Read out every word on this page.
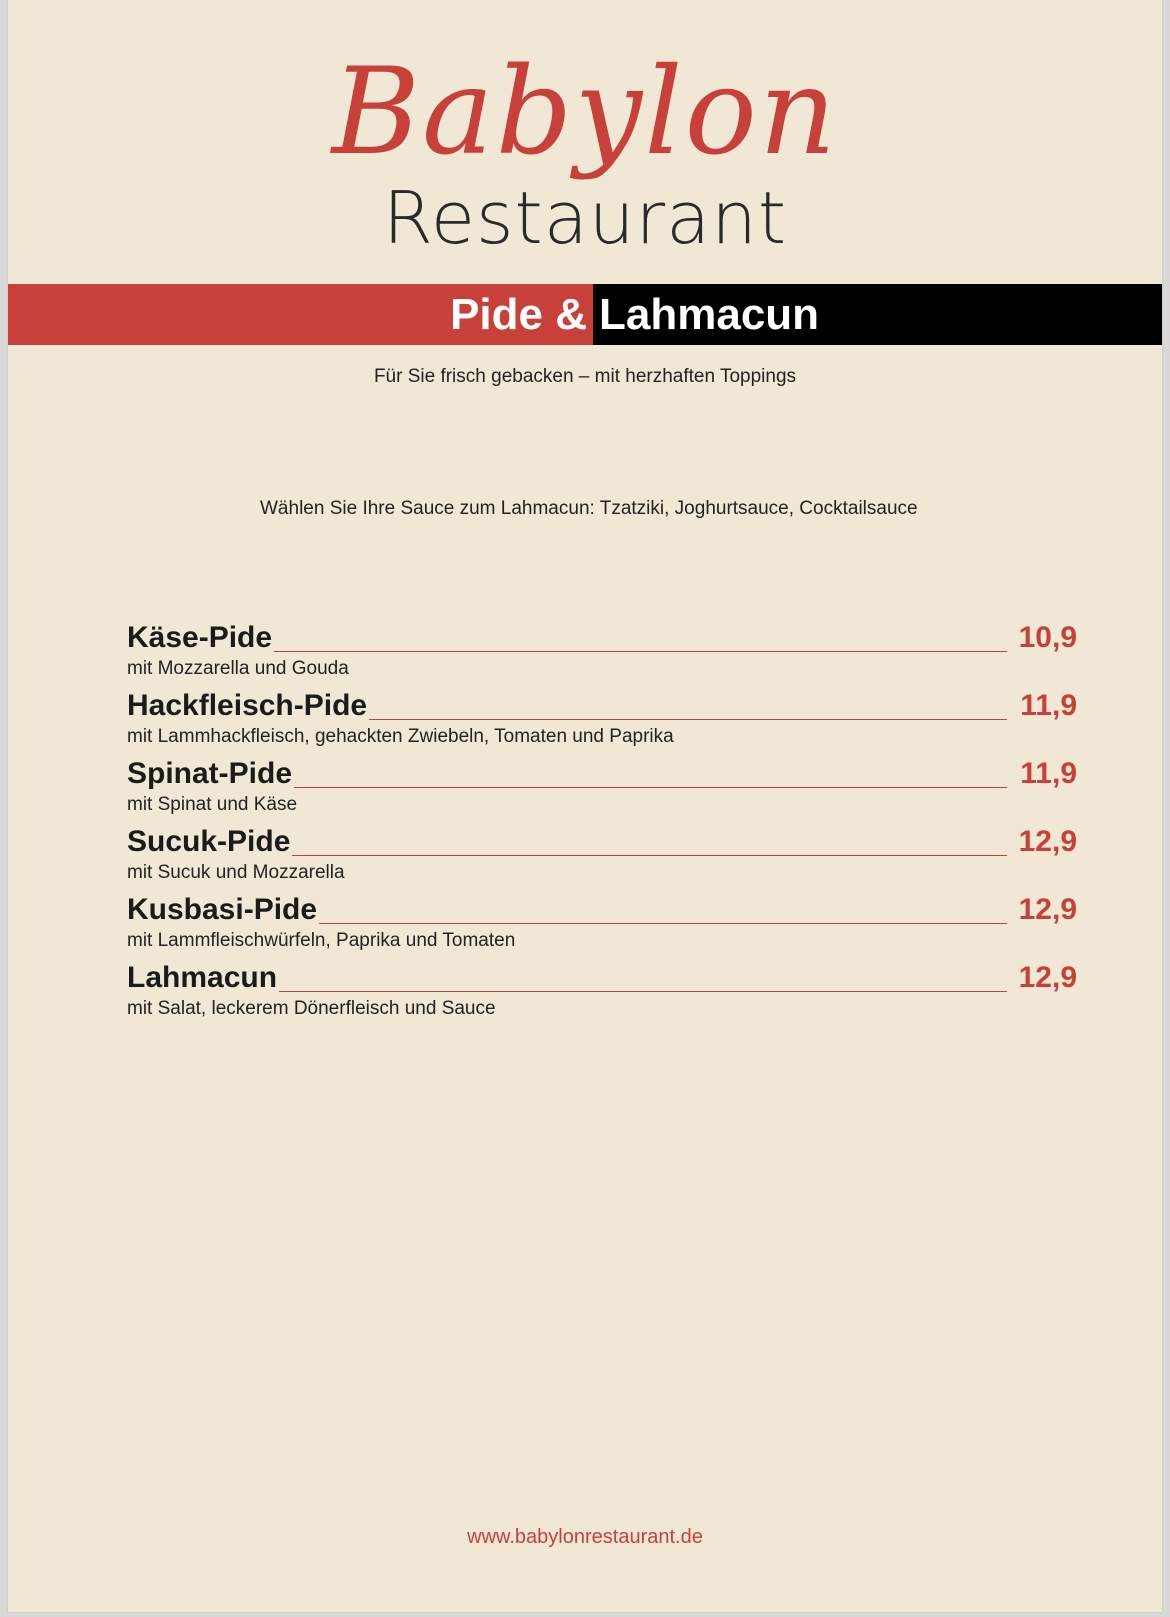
Babylon
Restaurant
Pide & Lahmacun
Für Sie frisch gebacken – mit herzhaften Toppings
Wählen Sie Ihre Sauce zum Lahmacun: Tzatziki, Joghurtsauce, Cocktailsauce
Käse-Pide	10,9
mit Mozzarella und Gouda
Hackfleisch-Pide	11,9
mit Lammhackfleisch, gehackten Zwiebeln, Tomaten und Paprika
Spinat-Pide	11,9
mit Spinat und Käse
Sucuk-Pide	12,9
mit Sucuk und Mozzarella
Kusbasi-Pide	12,9
mit Lammfleischwürfeln, Paprika und Tomaten
Lahmacun	12,9
mit Salat, leckerem Dönerfleisch und Sauce
www.babylonrestaurant.de
